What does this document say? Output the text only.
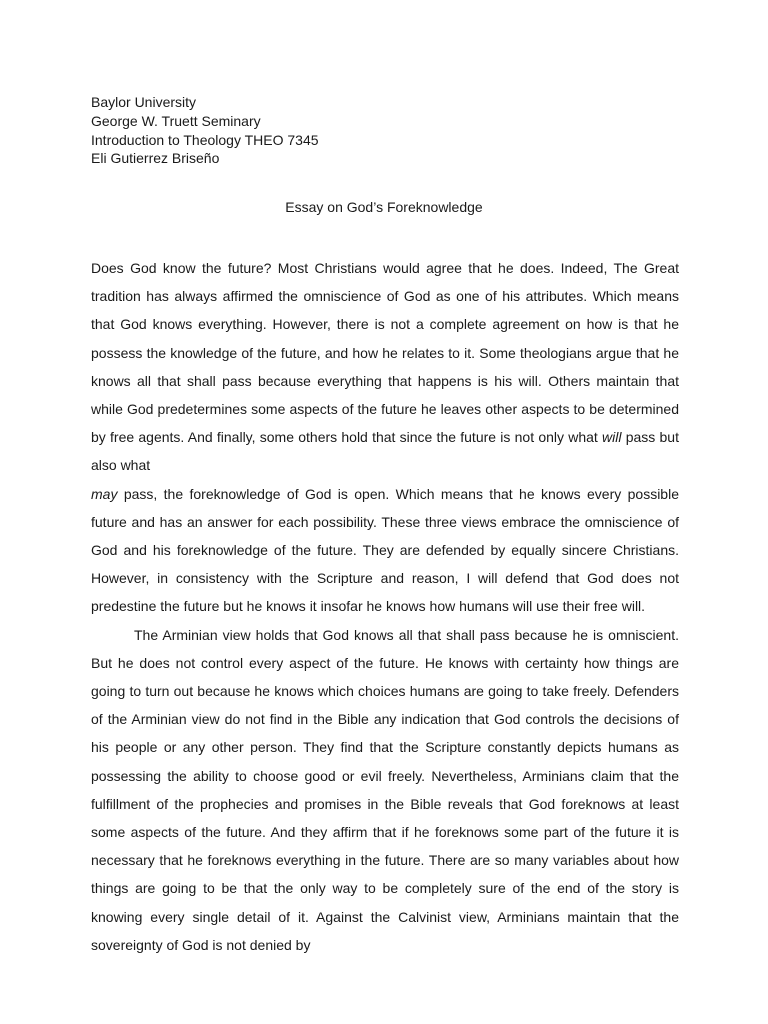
Baylor University
George W. Truett Seminary
Introduction to Theology THEO 7345
Eli Gutierrez Briseño
Essay on God’s Foreknowledge

Does God know the future? Most Christians would agree that he does. Indeed, The Great tradition has always affirmed the omniscience of God as one of his attributes. Which means that God knows everything. However, there is not a complete agreement on how is that he possess the knowledge of the future, and how he relates to it. Some theologians argue that he knows all that shall pass because everything that happens is his will. Others maintain that while God predetermines some aspects of the future he leaves other aspects to be determined by free agents. And finally, some others hold that since the future is not only what will pass but also what
may pass, the foreknowledge of God is open. Which means that he knows every possible future and has an answer for each possibility. These three views embrace the omniscience of God and his foreknowledge of the future. They are defended by equally sincere Christians. However, in consistency with the Scripture and reason, I will defend that God does not predestine the future but he knows it insofar he knows how humans will use their free will.

The Arminian view holds that God knows all that shall pass because he is omniscient. But he does not control every aspect of the future. He knows with certainty how things are going to turn out because he knows which choices humans are going to take freely. Defenders of the Arminian view do not find in the Bible any indication that God controls the decisions of his people or any other person. They find that the Scripture constantly depicts humans as possessing the ability to choose good or evil freely. Nevertheless, Arminians claim that the fulfillment of the prophecies and promises in the Bible reveals that God foreknows at least some aspects of the future. And they affirm that if he foreknows some part of the future it is necessary that he foreknows everything in the future. There are so many variables about how things are going to be that the only way to be completely sure of the end of the story is knowing every single detail of it. Against the Calvinist view, Arminians maintain that the sovereignty of God is not denied by
